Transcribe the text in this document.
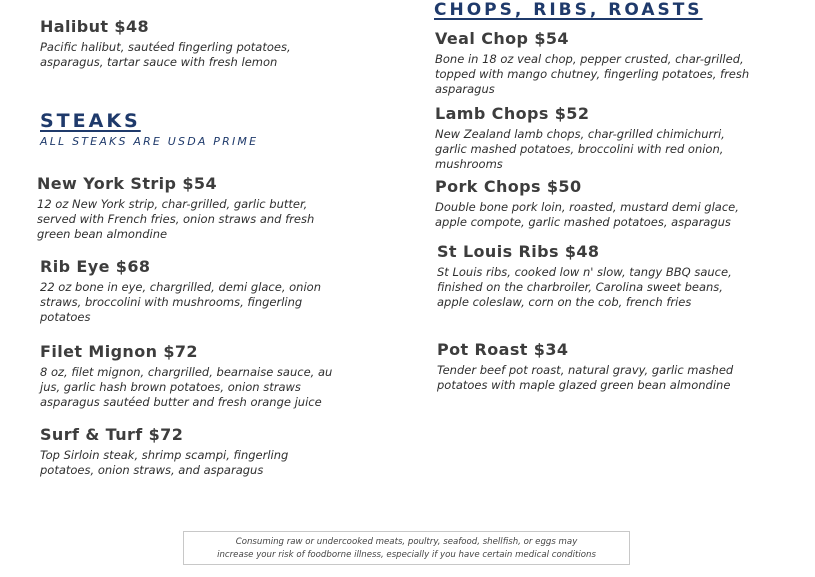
Halibut $48
Pacific halibut, sautéed fingerling potatoes, asparagus, tartar sauce with fresh lemon
STEAKS
ALL STEAKS ARE USDA PRIME
New York Strip $54
12 oz New York strip, char-grilled, garlic butter, served with French fries, onion straws and fresh green bean almondine
Rib Eye $68
22 oz bone in eye, chargrilled, demi glace, onion straws, broccolini with mushrooms, fingerling potatoes
Filet Mignon $72
8 oz, filet mignon, chargrilled, bearnaise sauce, au jus, garlic hash brown potatoes, onion straws asparagus sautéed butter and fresh orange juice
Surf & Turf $72
Top Sirloin steak, shrimp scampi, fingerling potatoes, onion straws, and asparagus
CHOPS, RIBS, ROASTS
Veal Chop $54
Bone in 18 oz veal chop, pepper crusted, char-grilled, topped with mango chutney, fingerling potatoes, fresh asparagus
Lamb Chops $52
New Zealand lamb chops, char-grilled chimichurri, garlic mashed potatoes, broccolini with red onion, mushrooms
Pork Chops $50
Double bone pork loin, roasted, mustard demi glace, apple compote, garlic mashed potatoes, asparagus
St Louis Ribs $48
St Louis ribs, cooked low n' slow, tangy BBQ sauce, finished on the charbroiler, Carolina sweet beans, apple coleslaw, corn on the cob, french fries
Pot Roast $34
Tender beef pot roast, natural gravy, garlic mashed potatoes with maple glazed green bean almondine
Consuming raw or undercooked meats, poultry, seafood, shellfish, or eggs may
increase your risk of foodborne illness, especially if you have certain medical conditions
